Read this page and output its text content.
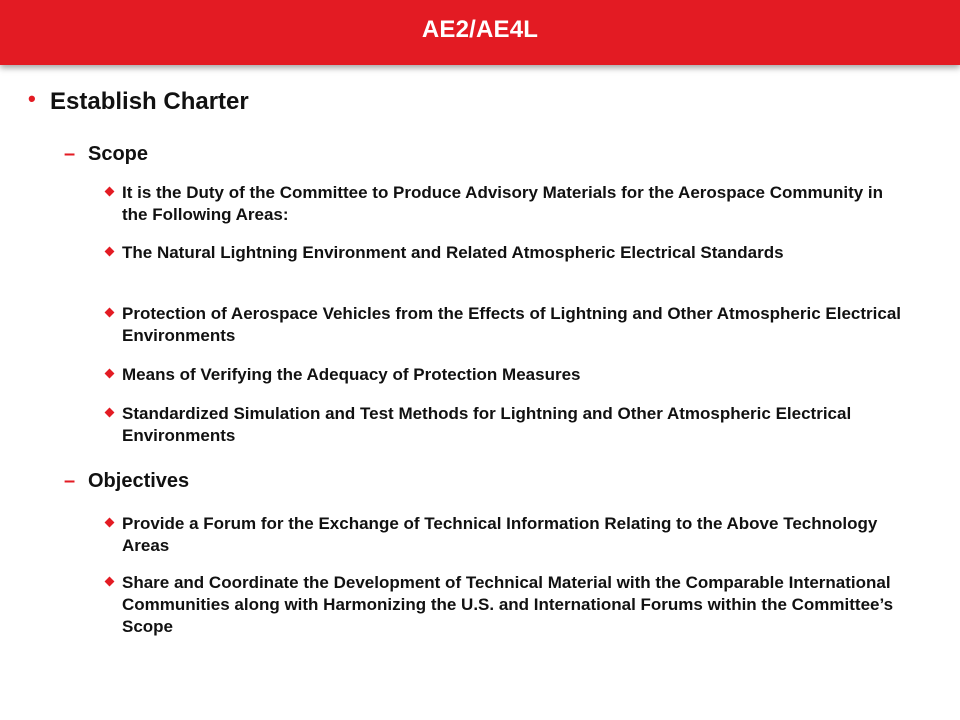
AE2/AE4L
• Establish Charter
– Scope
It is the Duty of the Committee to Produce Advisory Materials for the Aerospace Community in the Following Areas:
The Natural Lightning Environment and Related Atmospheric Electrical Standards
Protection of Aerospace Vehicles from the Effects of Lightning and Other Atmospheric Electrical Environments
Means of Verifying the Adequacy of Protection Measures
Standardized Simulation and Test Methods for Lightning and Other Atmospheric Electrical Environments
– Objectives
Provide a Forum for the Exchange of Technical Information Relating to the Above Technology Areas
Share and Coordinate the Development of Technical Material with the Comparable International Communities along with Harmonizing the U.S. and International Forums within the Committee’s Scope
